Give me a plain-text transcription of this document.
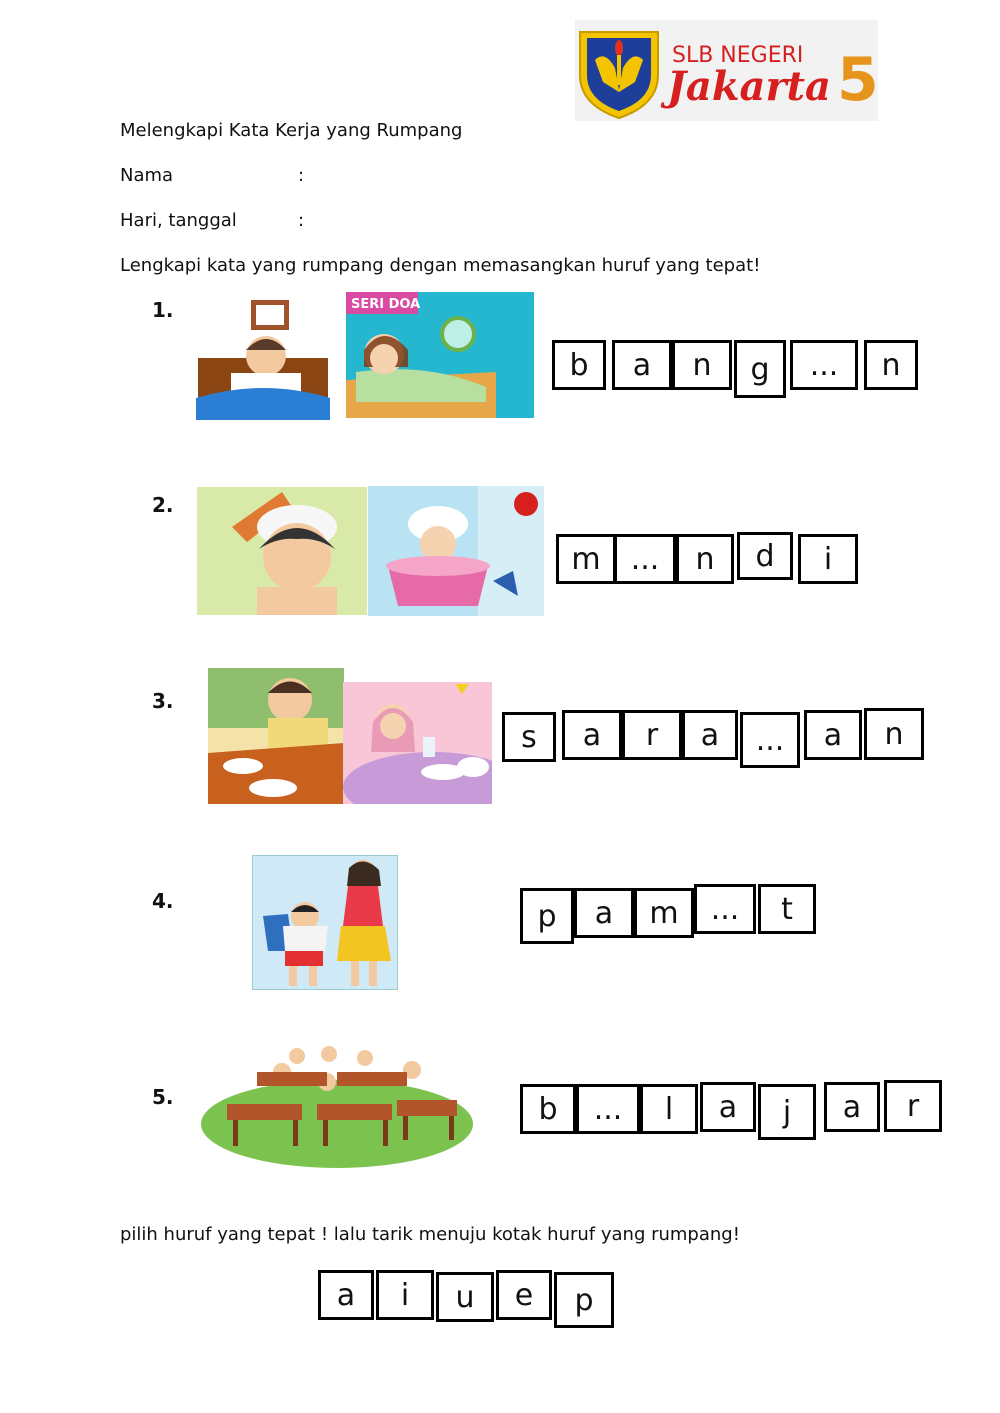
SLB NEGERI
Jakarta 5
Melengkapi Kata Kerja yang Rumpang
Nama	:
Hari, tanggal	:
Lengkapi kata yang rumpang dengan memasangkan huruf yang tepat!
1.
2.
3.
4.
5.
SERI DOA
b	a	n	g	...	n
m	...	n	d	i
s	a	r	a	...	a	n
p	a	m	...	t
b	...	l	a	j	a	r
pilih huruf yang tepat ! lalu tarik menuju kotak huruf yang rumpang!
a	i	u	e	p
